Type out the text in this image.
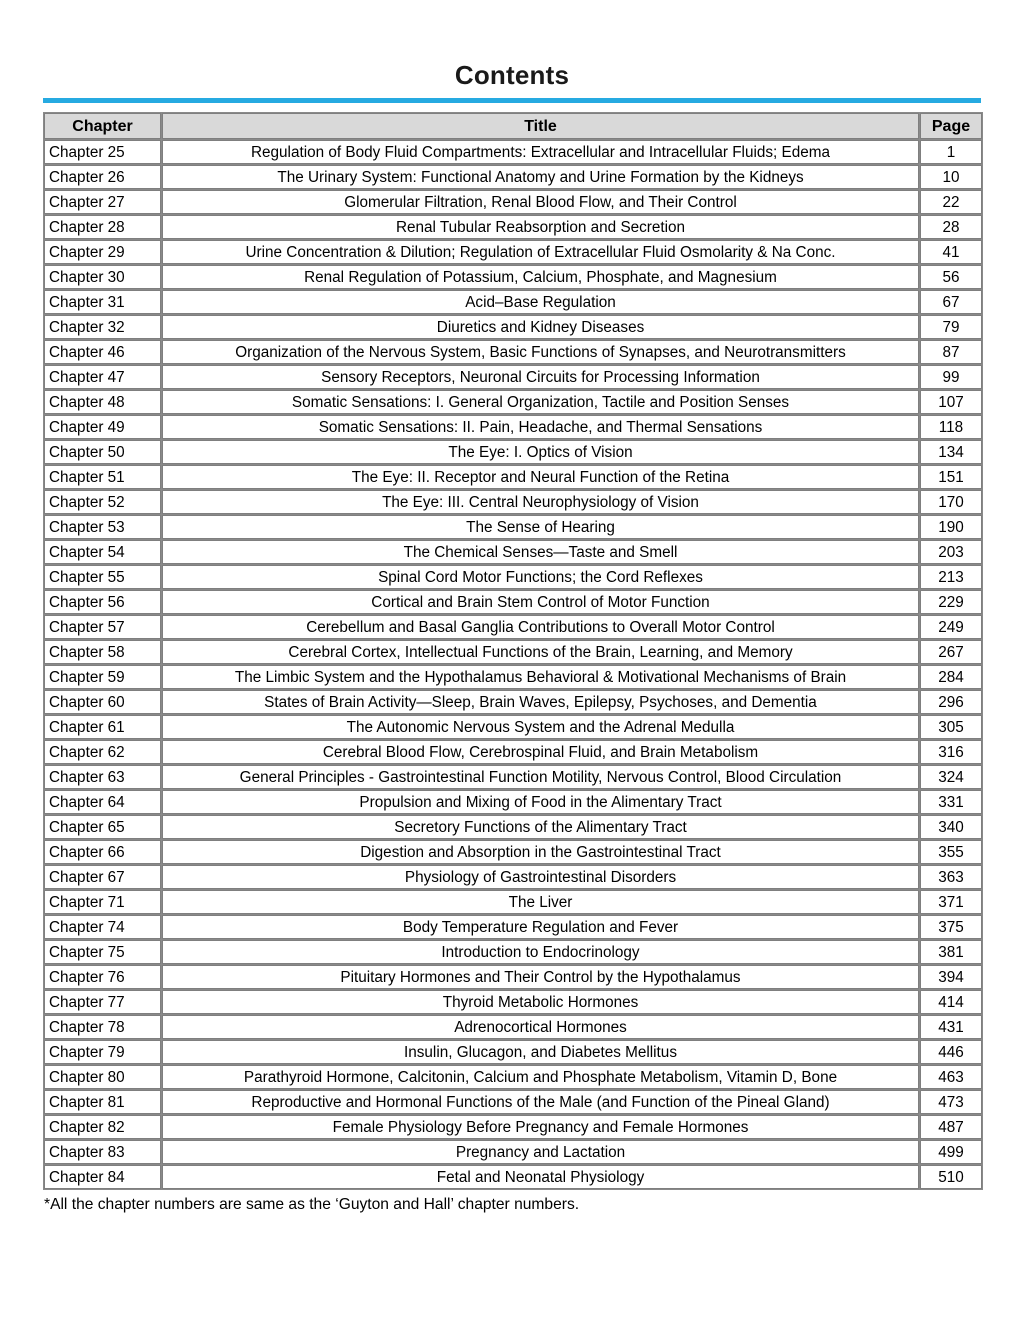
Contents
Chapter	Title	Page
Chapter 25	Regulation of Body Fluid Compartments: Extracellular and Intracellular Fluids; Edema	1
Chapter 26	The Urinary System: Functional Anatomy and Urine Formation by the Kidneys	10
Chapter 27	Glomerular Filtration, Renal Blood Flow, and Their Control	22
Chapter 28	Renal Tubular Reabsorption and Secretion	28
Chapter 29	Urine Concentration & Dilution; Regulation of Extracellular Fluid Osmolarity & Na Conc.	41
Chapter 30	Renal Regulation of Potassium, Calcium, Phosphate, and Magnesium	56
Chapter 31	Acid–Base Regulation	67
Chapter 32	Diuretics and Kidney Diseases	79
Chapter 46	Organization of the Nervous System, Basic Functions of Synapses, and Neurotransmitters	87
Chapter 47	Sensory Receptors, Neuronal Circuits for Processing Information	99
Chapter 48	Somatic Sensations: I. General Organization, Tactile and Position Senses	107
Chapter 49	Somatic Sensations: II. Pain, Headache, and Thermal Sensations	118
Chapter 50	The Eye: I. Optics of Vision	134
Chapter 51	The Eye: II. Receptor and Neural Function of the Retina	151
Chapter 52	The Eye: III. Central Neurophysiology of Vision	170
Chapter 53	The Sense of Hearing	190
Chapter 54	The Chemical Senses—Taste and Smell	203
Chapter 55	Spinal Cord Motor Functions; the Cord Reflexes	213
Chapter 56	Cortical and Brain Stem Control of Motor Function	229
Chapter 57	Cerebellum and Basal Ganglia Contributions to Overall Motor Control	249
Chapter 58	Cerebral Cortex, Intellectual Functions of the Brain, Learning, and Memory	267
Chapter 59	The Limbic System and the Hypothalamus Behavioral & Motivational Mechanisms of Brain	284
Chapter 60	States of Brain Activity—Sleep, Brain Waves, Epilepsy, Psychoses, and Dementia	296
Chapter 61	The Autonomic Nervous System and the Adrenal Medulla	305
Chapter 62	Cerebral Blood Flow, Cerebrospinal Fluid, and Brain Metabolism	316
Chapter 63	General Principles - Gastrointestinal Function Motility, Nervous Control, Blood Circulation	324
Chapter 64	Propulsion and Mixing of Food in the Alimentary Tract	331
Chapter 65	Secretory Functions of the Alimentary Tract	340
Chapter 66	Digestion and Absorption in the Gastrointestinal Tract	355
Chapter 67	Physiology of Gastrointestinal Disorders	363
Chapter 71	The Liver	371
Chapter 74	Body Temperature Regulation and Fever	375
Chapter 75	Introduction to Endocrinology	381
Chapter 76	Pituitary Hormones and Their Control by the Hypothalamus	394
Chapter 77	Thyroid Metabolic Hormones	414
Chapter 78	Adrenocortical Hormones	431
Chapter 79	Insulin, Glucagon, and Diabetes Mellitus	446
Chapter 80	Parathyroid Hormone, Calcitonin, Calcium and Phosphate Metabolism, Vitamin D, Bone	463
Chapter 81	Reproductive and Hormonal Functions of the Male (and Function of the Pineal Gland)	473
Chapter 82	Female Physiology Before Pregnancy and Female Hormones	487
Chapter 83	Pregnancy and Lactation	499
Chapter 84	Fetal and Neonatal Physiology	510
*All the chapter numbers are same as the ‘Guyton and Hall’ chapter numbers.
